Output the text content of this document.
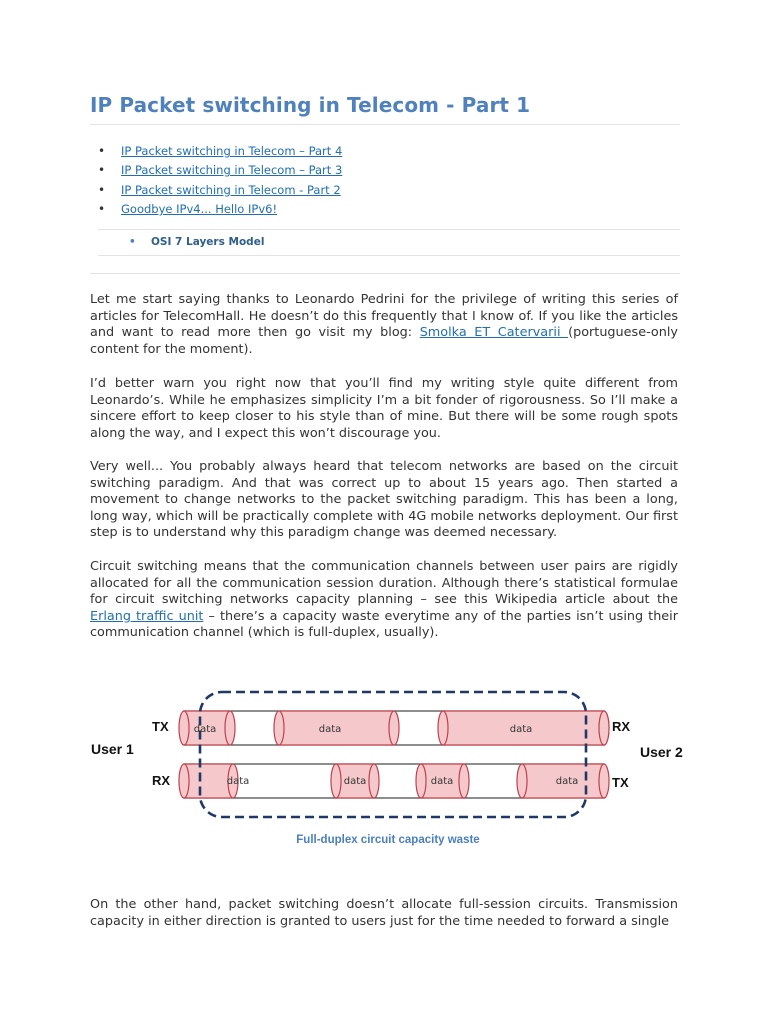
IP Packet switching in Telecom - Part 1
IP Packet switching in Telecom – Part 4
IP Packet switching in Telecom – Part 3
IP Packet switching in Telecom - Part 2
Goodbye IPv4... Hello IPv6!
• OSI 7 Layers Model

Let me start saying thanks to Leonardo Pedrini for the privilege of writing this series of articles for TelecomHall. He doesn’t do this frequently that I know of. If you like the articles and want to read more then go visit my blog: Smolka ET Catervarii (portuguese-only content for the moment).

I’d better warn you right now that you’ll find my writing style quite different from Leonardo’s. While he emphasizes simplicity I’m a bit fonder of rigorousness. So I’ll make a sincere effort to keep closer to his style than of mine. But there will be some rough spots along the way, and I expect this won’t discourage you.

Very well... You probably always heard that telecom networks are based on the circuit switching paradigm. And that was correct up to about 15 years ago. Then started a movement to change networks to the packet switching paradigm. This has been a long, long way, which will be practically complete with 4G mobile networks deployment. Our first step is to understand why this paradigm change was deemed necessary.

Circuit switching means that the communication channels between user pairs are rigidly allocated for all the communication session duration. Although there’s statistical formulae for circuit switching networks capacity planning – see this Wikipedia article about the Erlang traffic unit – there’s a capacity waste everytime any of the parties isn’t using their communication channel (which is full-duplex, usually).

data	data	data
data	data	data	data
TX	RX
RX	TX
User 1	User 2
Full-duplex circuit capacity waste

On the other hand, packet switching doesn’t allocate full-session circuits. Transmission capacity in either direction is granted to users just for the time needed to forward a single
